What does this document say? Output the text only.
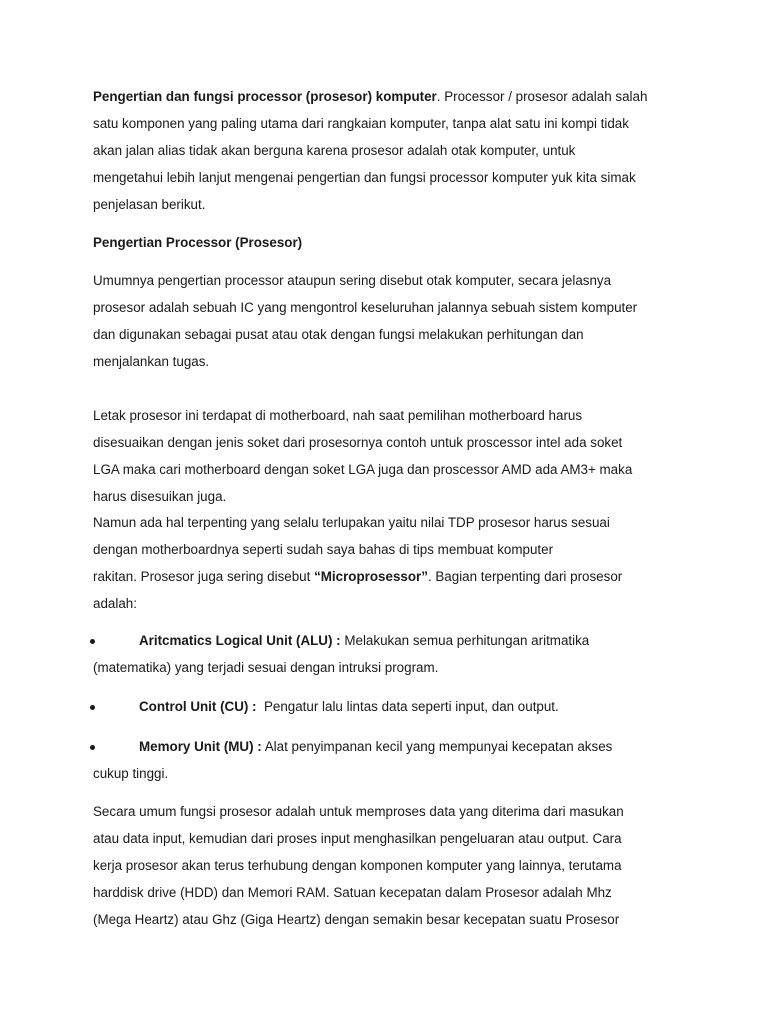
Pengertian dan fungsi processor (prosesor) komputer. Processor / prosesor adalah salah
satu komponen yang paling utama dari rangkaian komputer, tanpa alat satu ini kompi tidak
akan jalan alias tidak akan berguna karena prosesor adalah otak komputer, untuk
mengetahui lebih lanjut mengenai pengertian dan fungsi processor komputer yuk kita simak
penjelasan berikut.
Pengertian Processor (Prosesor)
Umumnya pengertian processor ataupun sering disebut otak komputer, secara jelasnya
prosesor adalah sebuah IC yang mengontrol keseluruhan jalannya sebuah sistem komputer
dan digunakan sebagai pusat atau otak dengan fungsi melakukan perhitungan dan
menjalankan tugas.
Letak prosesor ini terdapat di motherboard, nah saat pemilihan motherboard harus
disesuaikan dengan jenis soket dari prosesornya contoh untuk proscessor intel ada soket
LGA maka cari motherboard dengan soket LGA juga dan proscessor AMD ada AM3+ maka
harus disesuikan juga.
Namun ada hal terpenting yang selalu terlupakan yaitu nilai TDP prosesor harus sesuai
dengan motherboardnya seperti sudah saya bahas di tips membuat komputer
rakitan. Prosesor juga sering disebut “Microprosessor”. Bagian terpenting dari prosesor
adalah:
Aritcmatics Logical Unit (ALU) : Melakukan semua perhitungan aritmatika
(matematika) yang terjadi sesuai dengan intruksi program.
Control Unit (CU) :  Pengatur lalu lintas data seperti input, dan output.
Memory Unit (MU) : Alat penyimpanan kecil yang mempunyai kecepatan akses
cukup tinggi.
Secara umum fungsi prosesor adalah untuk memproses data yang diterima dari masukan
atau data input, kemudian dari proses input menghasilkan pengeluaran atau output. Cara
kerja prosesor akan terus terhubung dengan komponen komputer yang lainnya, terutama
harddisk drive (HDD) dan Memori RAM. Satuan kecepatan dalam Prosesor adalah Mhz
(Mega Heartz) atau Ghz (Giga Heartz) dengan semakin besar kecepatan suatu Prosesor
